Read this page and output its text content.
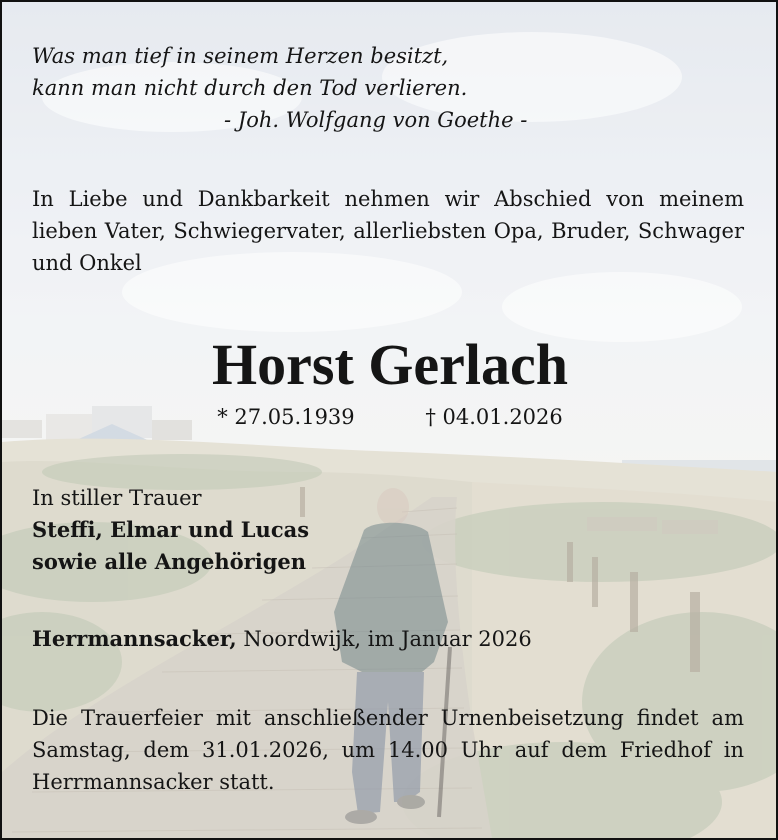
Was man tief in seinem Herzen besitzt,
kann man nicht durch den Tod verlieren.

- Joh. Wolfgang von Goethe -

In Liebe und Dankbarkeit nehmen wir Abschied von meinem lieben Vater, Schwiegervater, allerliebsten Opa, Bruder, Schwager und Onkel

Horst Gerlach
* 27.05.1939	† 04.01.2026

In stiller Trauer
Steffi, Elmar und Lucas
sowie alle Angehörigen

Herrmannsacker, Noordwijk, im Januar 2026

Die Trauerfeier mit anschließender Urnenbeisetzung findet am Samstag, dem 31.01.2026, um 14.00 Uhr auf dem Friedhof in Herrmannsacker statt.
